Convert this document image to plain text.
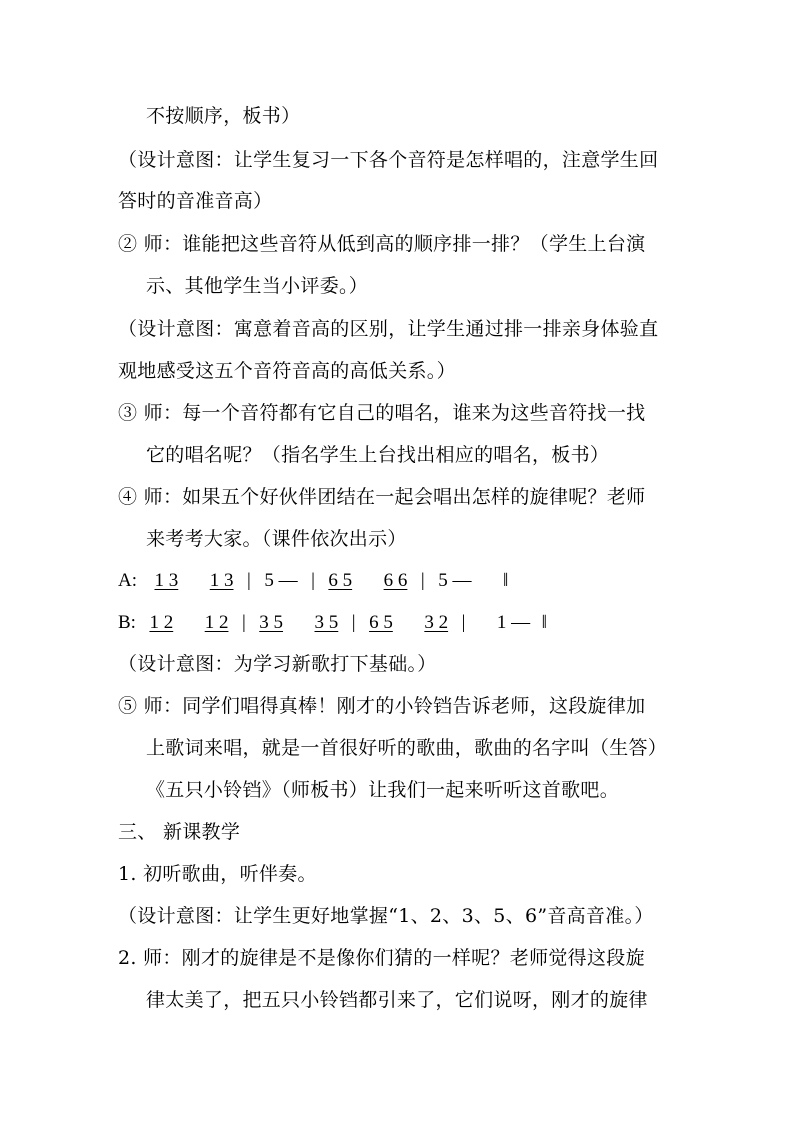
不按顺序，板书）
（设计意图：让学生复习一下各个音符是怎样唱的，注意学生回
答时的音准音高）
② 师：谁能把这些音符从低到高的顺序排一排？（学生上台演
示、其他学生当小评委。）
（设计意图：寓意着音高的区别，让学生通过排一排亲身体验直
观地感受这五个音符音高的高低关系。）
③ 师：每一个音符都有它自己的唱名，谁来为这些音符找一找
它的唱名呢？（指名学生上台找出相应的唱名，板书）
④ 师：如果五个好伙伴团结在一起会唱出怎样的旋律呢？老师
来考考大家。（课件依次出示）
A: 1 3 1 3 | 5 — | 6 5 6 6 | 5 — ‖
B: 1 2 1 2 | 3 5 3 5 | 6 5 3 2 | 1 — ‖
（设计意图：为学习新歌打下基础。）
⑤ 师：同学们唱得真棒！刚才的小铃铛告诉老师，这段旋律加
上歌词来唱，就是一首很好听的歌曲，歌曲的名字叫（生答）
《五只小铃铛》（师板书）让我们一起来听听这首歌吧。
三、 新课教学
1. 初听歌曲，听伴奏。
（设计意图：让学生更好地掌握“1、2、3、5、6”音高音准。）
2. 师：刚才的旋律是不是像你们猜的一样呢？老师觉得这段旋
律太美了，把五只小铃铛都引来了，它们说呀，刚才的旋律
